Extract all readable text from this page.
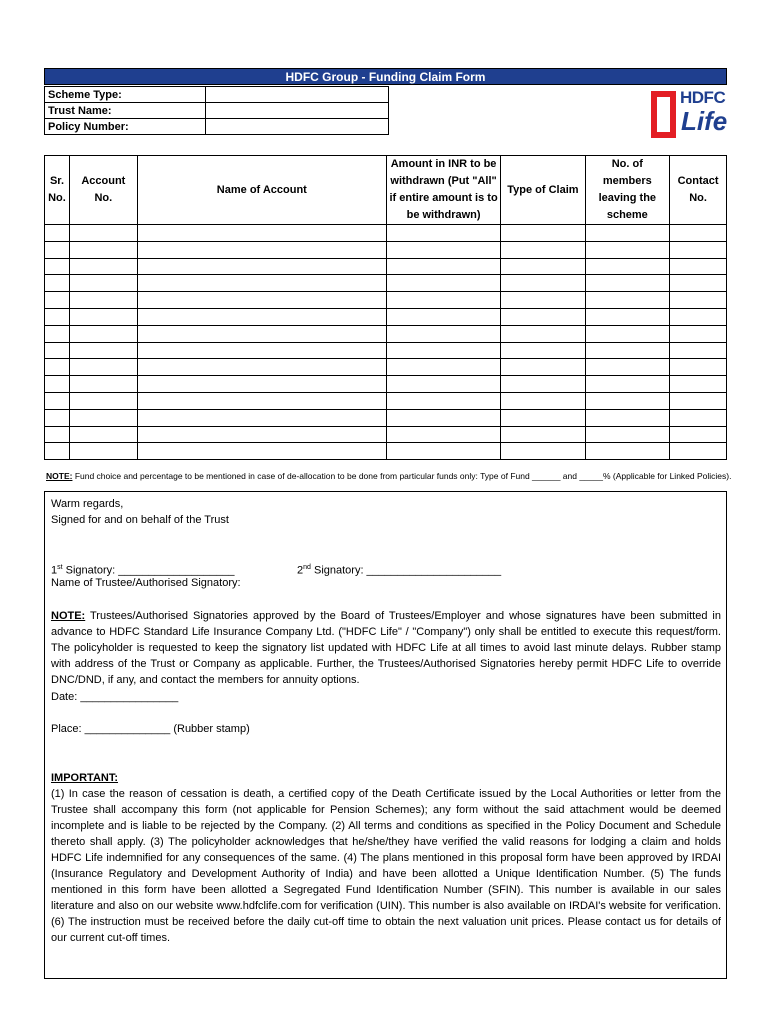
HDFC Group - Funding Claim Form
Scheme Type:	
Trust Name:	
Policy Number:	
HDFC
Life
Sr. No.	Account No.	Name of Account	Amount in INR to be withdrawn (Put "All" if entire amount is to be withdrawn)	Type of Claim	No. of members leaving the scheme	Contact No.

NOTE: Fund choice and percentage to be mentioned in case of de-allocation to be done from particular funds only: Type of Fund ______ and _____% (Applicable for Linked Policies).
Warm regards,
Signed for and on behalf of the Trust
1st Signatory: ___________________	2nd Signatory: ______________________
Name of Trustee/Authorised Signatory:
NOTE: Trustees/Authorised Signatories approved by the Board of Trustees/Employer and whose signatures have been submitted in advance to HDFC Standard Life Insurance Company Ltd. ("HDFC Life" / "Company") only shall be entitled to execute this request/form. The policyholder is requested to keep the signatory list updated with HDFC Life at all times to avoid last minute delays. Rubber stamp with address of the Trust or Company as applicable. Further, the Trustees/Authorised Signatories hereby permit HDFC Life to override DNC/DND, if any, and contact the members for annuity options.
Date: ________________
Place: ______________ (Rubber stamp)
IMPORTANT:
(1) In case the reason of cessation is death, a certified copy of the Death Certificate issued by the Local Authorities or letter from the Trustee shall accompany this form (not applicable for Pension Schemes); any form without the said attachment would be deemed incomplete and is liable to be rejected by the Company. (2) All terms and conditions as specified in the Policy Document and Schedule thereto shall apply. (3) The policyholder acknowledges that he/she/they have verified the valid reasons for lodging a claim and holds HDFC Life indemnified for any consequences of the same. (4) The plans mentioned in this proposal form have been approved by IRDAI (Insurance Regulatory and Development Authority of India) and have been allotted a Unique Identification Number. (5) The funds mentioned in this form have been allotted a Segregated Fund Identification Number (SFIN). This number is available in our sales literature and also on our website www.hdfclife.com for verification (UIN). This number is also available on IRDAI's website for verification. (6) The instruction must be received before the daily cut-off time to obtain the next valuation unit prices. Please contact us for details of our current cut-off times.
